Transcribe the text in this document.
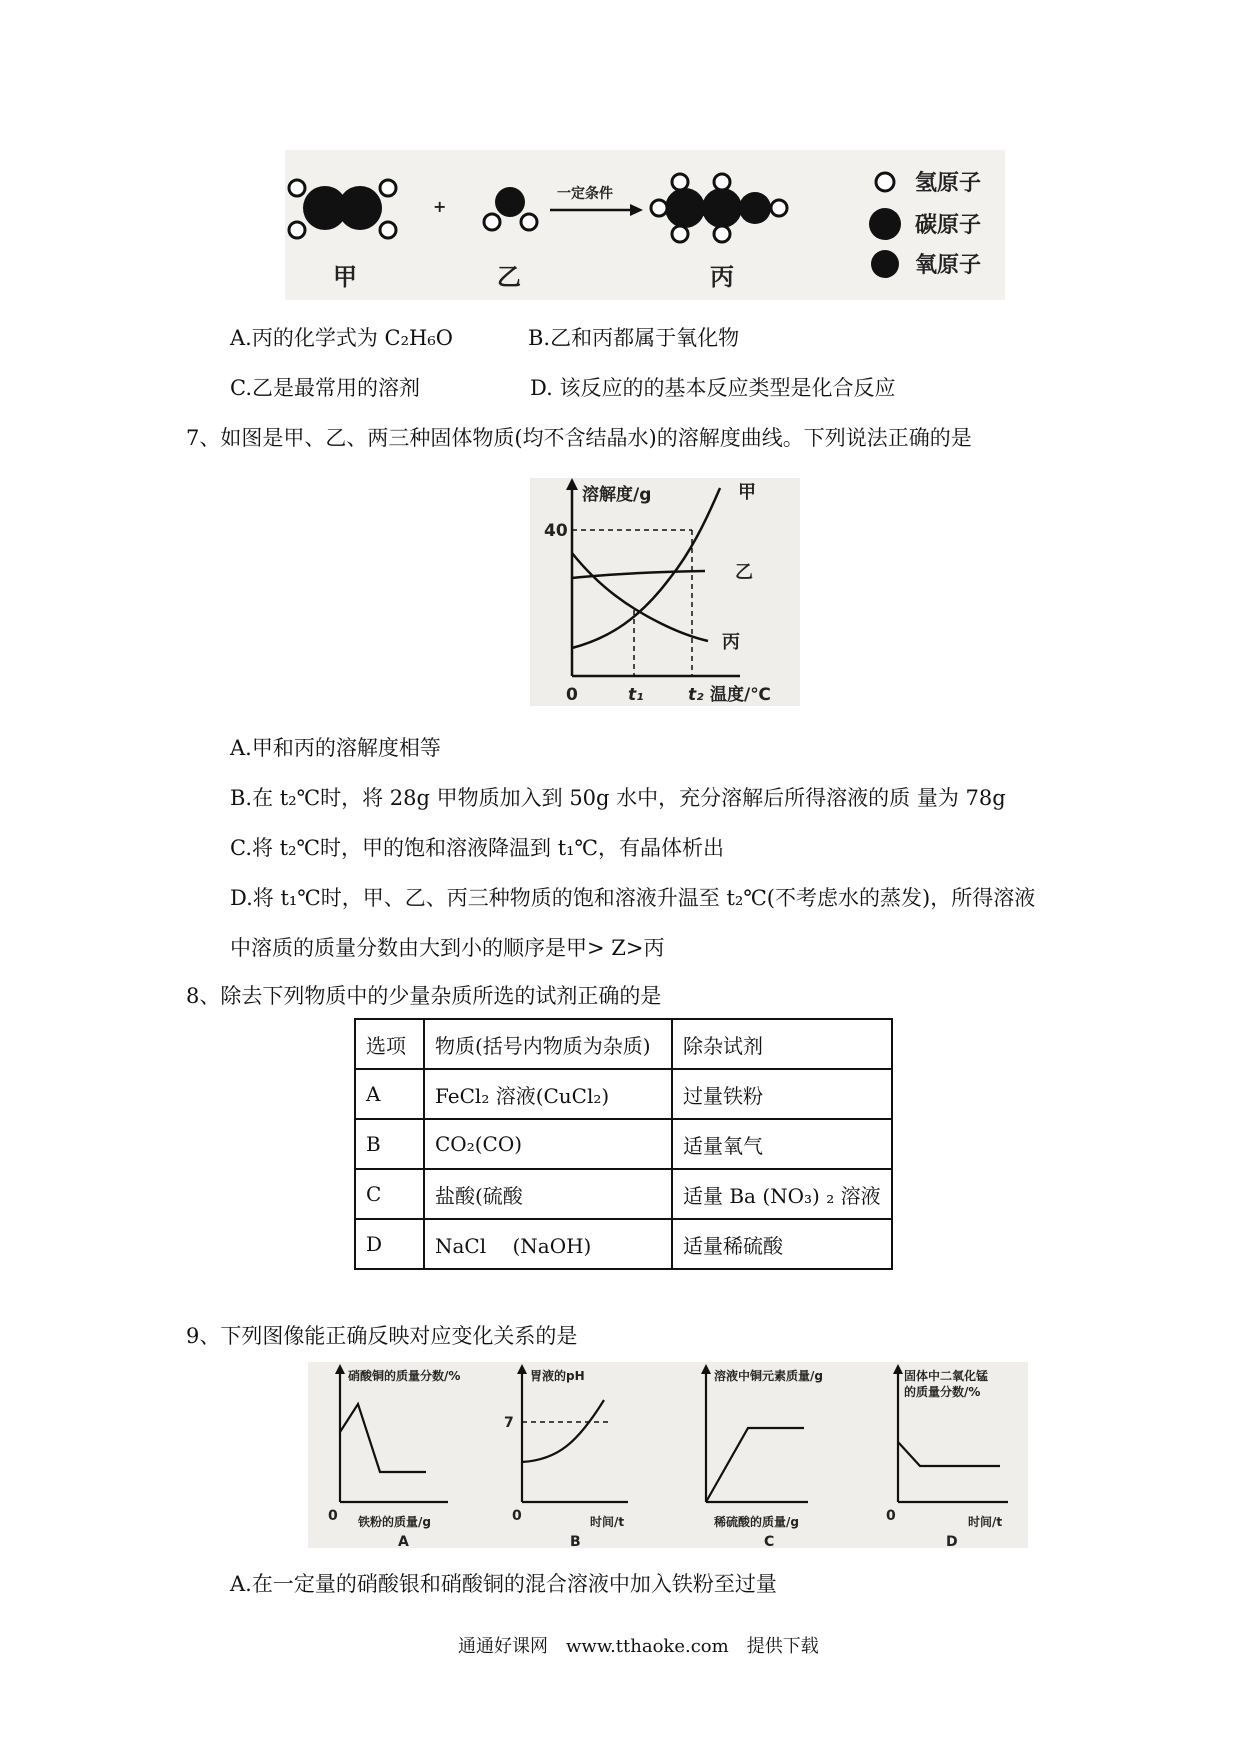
+
一定条件
甲	乙	丙
氢原子
碳原子
氧原子
A.丙的化学式为 C₂H₆O	B.乙和丙都属于氧化物
C.乙是最常用的溶剂	D. 该反应的的基本反应类型是化合反应
7、如图是甲、乙、两三种固体物质(均不含结晶水)的溶解度曲线。下列说法正确的是
溶解度/g
温度/℃
0
40
t₁	t₂
甲
乙
丙
A.甲和丙的溶解度相等
B.在 t₂℃时，将 28g 甲物质加入到 50g 水中，充分溶解后所得溶液的质 量为 78g
C.将 t₂℃时，甲的饱和溶液降温到 t₁℃，有晶体析出
D.将 t₁℃时，甲、乙、丙三种物质的饱和溶液升温至 t₂℃(不考虑水的蒸发)，所得溶液
中溶质的质量分数由大到小的顺序是甲> Z>丙
8、除去下列物质中的少量杂质所选的试剂正确的是
选项	物质(括号内物质为杂质)	除杂试剂
A	FeCl₂ 溶液(CuCl₂)	过量铁粉
B	CO₂(CO)	适量氧气
C	盐酸(硫酸	适量 Ba (NO₃) ₂ 溶液
D	NaCl　 (NaOH)	适量稀硫酸
9、下列图像能正确反映对应变化关系的是
硝酸铜的质量分数/%
0 铁粉的质量/g
A
7
胃液的pH
0	时间/t
B
溶液中铜元素质量/g
稀硫酸的质量/g
C
固体中二氧化锰
的质量分数/%
0	时间/t
D
A.在一定量的硝酸银和硝酸铜的混合溶液中加入铁粉至过量
通通好课网　www.tthaoke.com　提供下载
